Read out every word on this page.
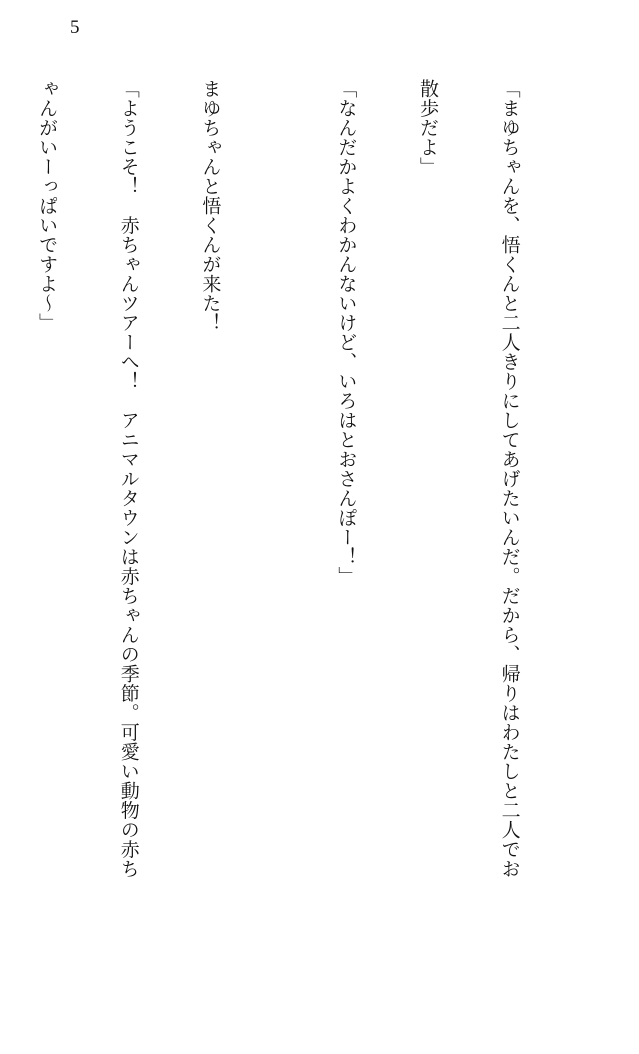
5

「まゆちゃんを、悟くんと二人きりにしてあげたいんだ。だから、帰りはわたしと二人でお

散歩だよ」

「なんだかよくわかんないけど、いろはとおさんぽー！」

まゆちゃんと悟くんが来た！

「ようこそ！　赤ちゃんツアーへ！　アニマルタウンは赤ちゃんの季節。可愛い動物の赤ち

ゃんがいーっぱいですよ～」
